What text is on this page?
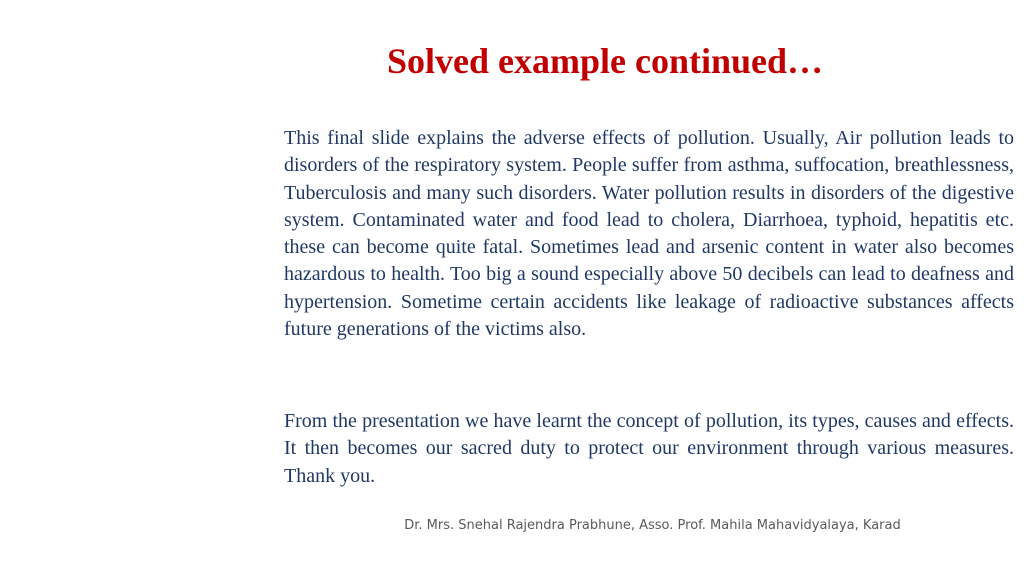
Solved example continued…

This final slide explains the adverse effects of pollution. Usually, Air pollution leads to disorders of the respiratory system. People suffer from asthma, suffocation, breathlessness, Tuberculosis and many such disorders. Water pollution results in disorders of the digestive system. Contaminated water and food lead to cholera, Diarrhoea, typhoid, hepatitis etc. these can become quite fatal. Sometimes lead and arsenic content in water also becomes hazardous to health. Too big a sound especially above 50 decibels can lead to deafness and hypertension. Sometime certain accidents like leakage of radioactive substances affects future generations of the victims also.

From the presentation we have learnt the concept of pollution, its types, causes and effects. It then becomes our sacred duty to protect our environment through various measures. Thank you.

Dr. Mrs. Snehal Rajendra Prabhune, Asso. Prof. Mahila Mahavidyalaya, Karad
